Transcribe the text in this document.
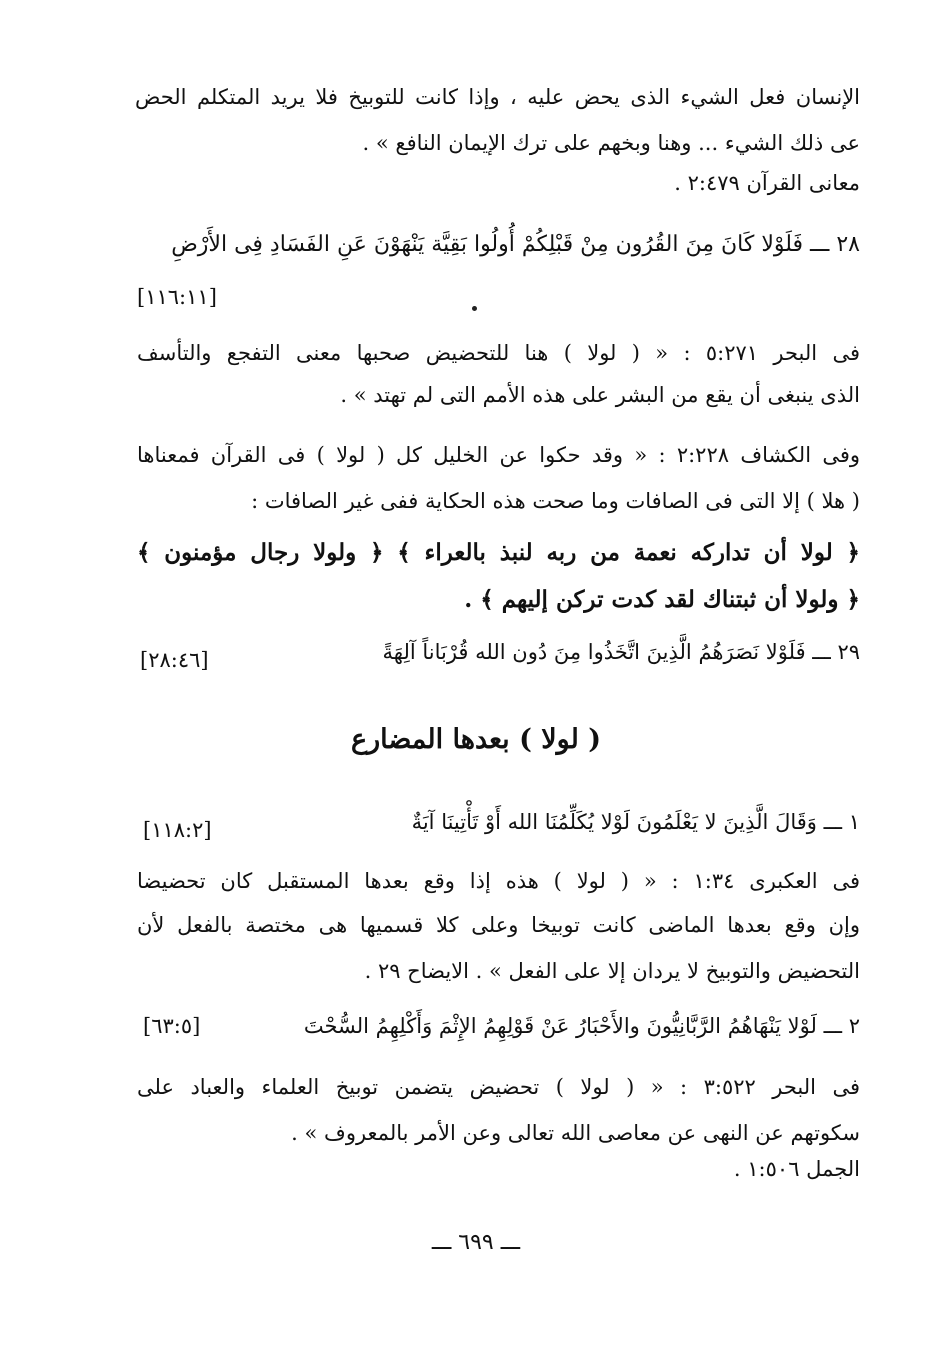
الإنسان فعل الشيء الذى يحض عليه ، وإذا كانت للتوبيخ فلا يريد المتكلم الحض
عى ذلك الشيء ... وهنا وبخهم على ترك الإيمان النافع » .
معانى القرآن ٢:٤٧٩ .
٢٨ ـــ فَلَوْلا كَانَ مِنَ القُرُون مِنْ قَبْلِكُمْ أُولُوا بَقِيَّة يَنْهَوْنَ عَنِ الفَسَادِ فِى الأَرْضِ
[١١٦:١١]
فى البحر ٥:٢٧١ : « ( لولا ) هنا للتحضيض صحبها معنى التفجع والتأسف
الذى ينبغى أن يقع من البشر على هذه الأمم التى لم تهتد » .
وفى الكشاف ٢:٢٢٨ : « وقد حكوا عن الخليل كل ( لولا ) فى القرآن فمعناها
( هلا ) إلا التى فى الصافات وما صحت هذه الحكاية ففى غير الصافات :
﴿ لولا أن تداركه نعمة من ربه لنبذ بالعراء ﴾ ﴿ ولولا رجال مؤمنون ﴾
﴿ ولولا أن ثبتناك لقد كدت تركن إليهم ﴾ .
٢٩ ـــ فَلَوْلا نَصَرَهُمُ الَّذِينَ اتَّخَذُوا مِنَ دُون الله قُرْبَاناً آلِهَةً
[٢٨:٤٦]
( لولا ) بعدها المضارع
١ ـــ وَقَالَ الَّذِينَ لا يَعْلَمُونَ لَوْلا يُكَلِّمُنَا الله أَوْ تَأْتِينَا آيَةٌ
[١١٨:٢]
فى العكبرى ١:٣٤ : « ( لولا ) هذه إذا وقع بعدها المستقبل كان تحضيضا
وإن وقع بعدها الماضى كانت توبيخا وعلى كلا قسميها هى مختصة بالفعل لأن
التحضيض والتوبيخ لا يردان إلا على الفعل » . الايضاح ٢٩ .
٢ ـــ لَوْلا يَنْهَاهُمُ الرَّبَّانِيُّونَ والأَحْبَارُ عَنْ قَوْلِهِمُ الإِثْمَ وَأَكْلِهِمُ السُّحْتَ
[٦٣:٥]
فى البحر ٣:٥٢٢ : « ( لولا ) تحضيض يتضمن توبيخ العلماء والعباد على
سكوتهم عن النهى عن معاصى الله تعالى وعن الأمر بالمعروف » .
الجمل ١:٥٠٦ .
ـــ ٦٩٩ ـــ
